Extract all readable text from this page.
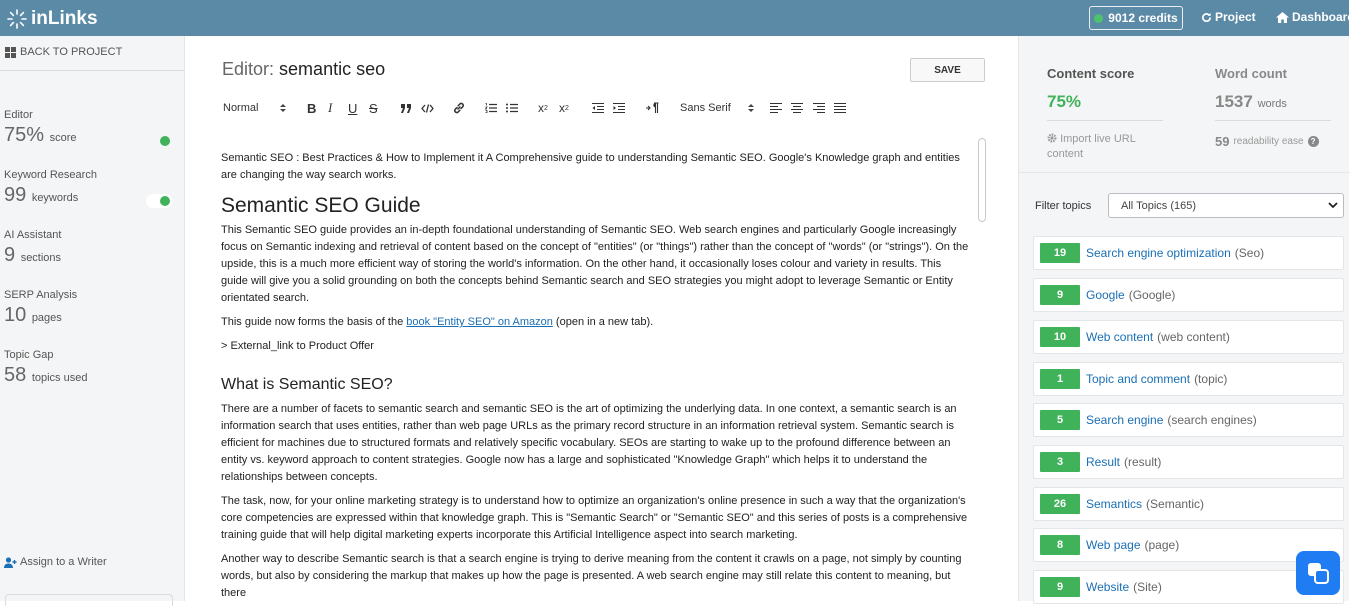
inLinks	9012 credits	Project	Dashboard
BACK TO PROJECT
Editor
75% score
Keyword Research
99 keywords
AI Assistant
9 sections
SERP Analysis
10 pages
Topic Gap
58 topics used
Assign to a Writer
Editor: semantic seo	SAVE
Normal	B I U S	x 2 x 2	Sans Serif

Semantic SEO : Best Practices & How to Implement it A Comprehensive guide to understanding Semantic SEO. Google's Knowledge graph and entities are changing the way search works.

Semantic SEO Guide

This Semantic SEO guide provides an in-depth foundational understanding of Semantic SEO. Web search engines and particularly Google increasingly focus on Semantic indexing and retrieval of content based on the concept of "entities" (or "things") rather than the concept of "words" (or "strings"). On the upside, this is a much more efficient way of storing the world's information. On the other hand, it occasionally loses colour and variety in results. This guide will give you a solid grounding on both the concepts behind Semantic search and SEO strategies you might adopt to leverage Semantic or Entity orientated search.

This guide now forms the basis of the book "Entity SEO" on Amazon (open in a new tab).

> External_link to Product Offer

What is Semantic SEO?

There are a number of facets to semantic search and semantic SEO is the art of optimizing the underlying data. In one context, a semantic search is an information search that uses entities, rather than web page URLs as the primary record structure in an information retrieval system. Semantic search is efficient for machines due to structured formats and relatively specific vocabulary. SEOs are starting to wake up to the profound difference between an entity vs. keyword approach to content strategies. Google now has a large and sophisticated "Knowledge Graph" which helps it to understand the relationships between concepts.

The task, now, for your online marketing strategy is to understand how to optimize an organization's online presence in such a way that the organization's core competencies are expressed within that knowledge graph. This is "Semantic Search" or "Semantic SEO" and this series of posts is a comprehensive training guide that will help digital marketing experts incorporate this Artificial Intelligence aspect into search marketing.

Another way to describe Semantic search is that a search engine is trying to derive meaning from the content it crawls on a page, not simply by counting words, but also by considering the markup that makes up how the page is presented. A web search engine may still relate this content to meaning, but there

Content score
75%
Import live URL content
Word count
1537 words
59 readability ease ?
Filter topics	All Topics (165)
19	Search engine optimization (Seo)
9	Google (Google)
10	Web content (web content)
1	Topic and comment (topic)
5	Search engine (search engines)
3	Result (result)
26	Semantics (Semantic)
8	Web page (page)
9	Website (Site)
